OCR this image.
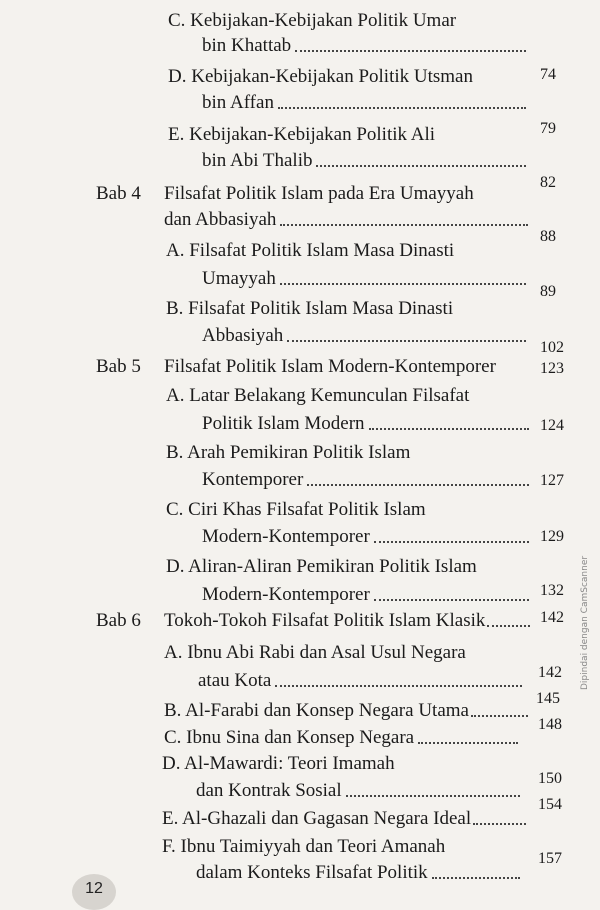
C. Kebijakan-Kebijakan Politik Umar
bin Khattab
74
D. Kebijakan-Kebijakan Politik Utsman
bin Affan
79
E. Kebijakan-Kebijakan Politik Ali
bin Abi Thalib
82
Bab 4 Filsafat Politik Islam pada Era Umayyah
dan Abbasiyah
88
A. Filsafat Politik Islam Masa Dinasti
Umayyah
89
B. Filsafat Politik Islam Masa Dinasti
Abbasiyah
102
Bab 5 Filsafat Politik Islam Modern-Kontemporer	123
A. Latar Belakang Kemunculan Filsafat
Politik Islam Modern	124
B. Arah Pemikiran Politik Islam
Kontemporer	127
C. Ciri Khas Filsafat Politik Islam
Modern-Kontemporer	129
D. Aliran-Aliran Pemikiran Politik Islam
Modern-Kontemporer	132
Bab 6 Tokoh-Tokoh Filsafat Politik Islam Klasik	142
A. Ibnu Abi Rabi dan Asal Usul Negara
atau Kota	142
B. Al-Farabi dan Konsep Negara Utama
145
C. Ibnu Sina dan Konsep Negara
148
D. Al-Mawardi: Teori Imamah
dan Kontrak Sosial
150
E. Al-Ghazali dan Gagasan Negara Ideal
154
F. Ibnu Taimiyyah dan Teori Amanah
dalam Konteks Filsafat Politik
157
12
Dipindai dengan CamScanner
